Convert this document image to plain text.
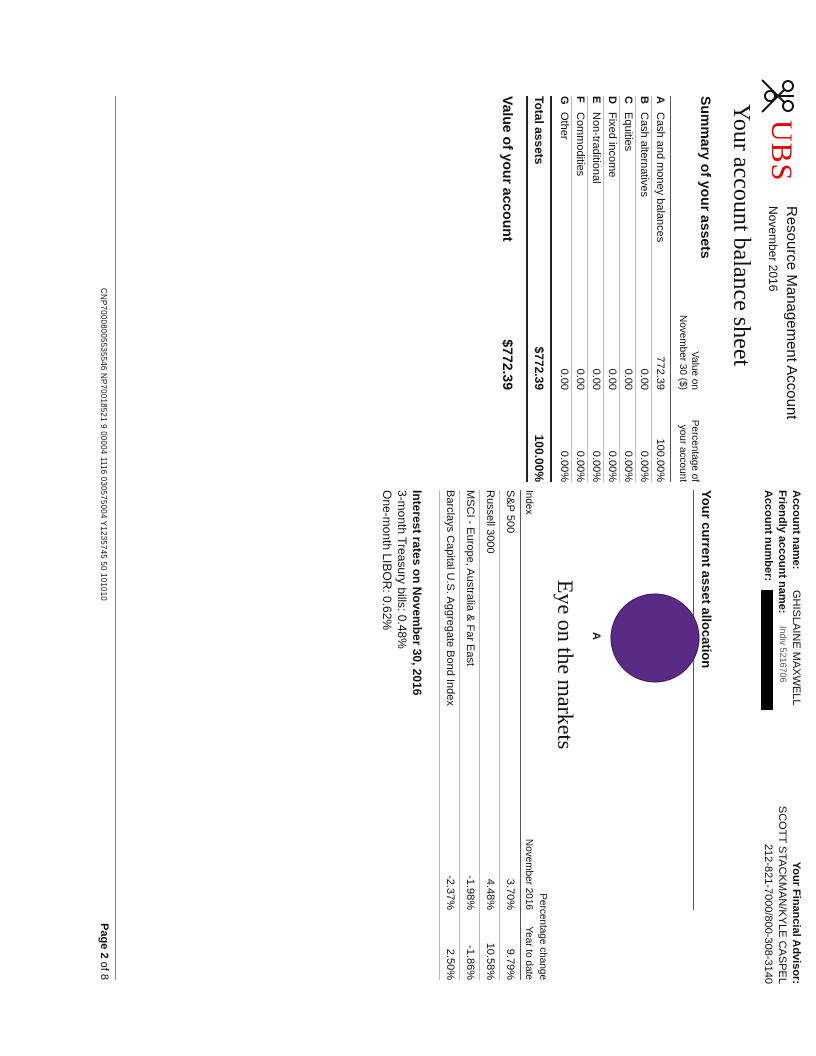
UBS
Resource Management Account
November 2016
Account name:
GHISLAINE MAXWELL
Friendly account name:
Indiv 5216706
Account number:
Your Financial Advisor:
SCOTT STACKMAN/KYLE CASPEL
212-821-7000/800-308-3140
Your account balance sheet
Summary of your assets
Value on
November 30 ($)
Percentage of
your account
A
Cash and money balances
772.39
100.00%
B
Cash alternatives
0.00
0.00%
C
Equities
0.00
0.00%
D
Fixed income
0.00
0.00%
E
Non-traditional
0.00
0.00%
F
Commodities
0.00
0.00%
G
Other
0.00
0.00%
Total assets
$772.39
100.00%
Value of your account
$772.39
Your current asset allocation
A
Eye on the markets
Percentage change
Index
November 2016
Year to date
S&P 500
3.70%
9.79%
Russell 3000
4.48%
10.58%
MSCI - Europe, Australia & Far East
-1.98%
-1.86%
Barclays Capital U.S. Aggregate Bond Index
-2.37%
2.50%
Interest rates on November 30, 2016
3-month Treasury bills: 0.48%
One-month LIBOR: 0.62%
CNP70008005535546 NP70018521 9 00004 1116 030575004 Y1235745 50 101010
Page 2 of 8
